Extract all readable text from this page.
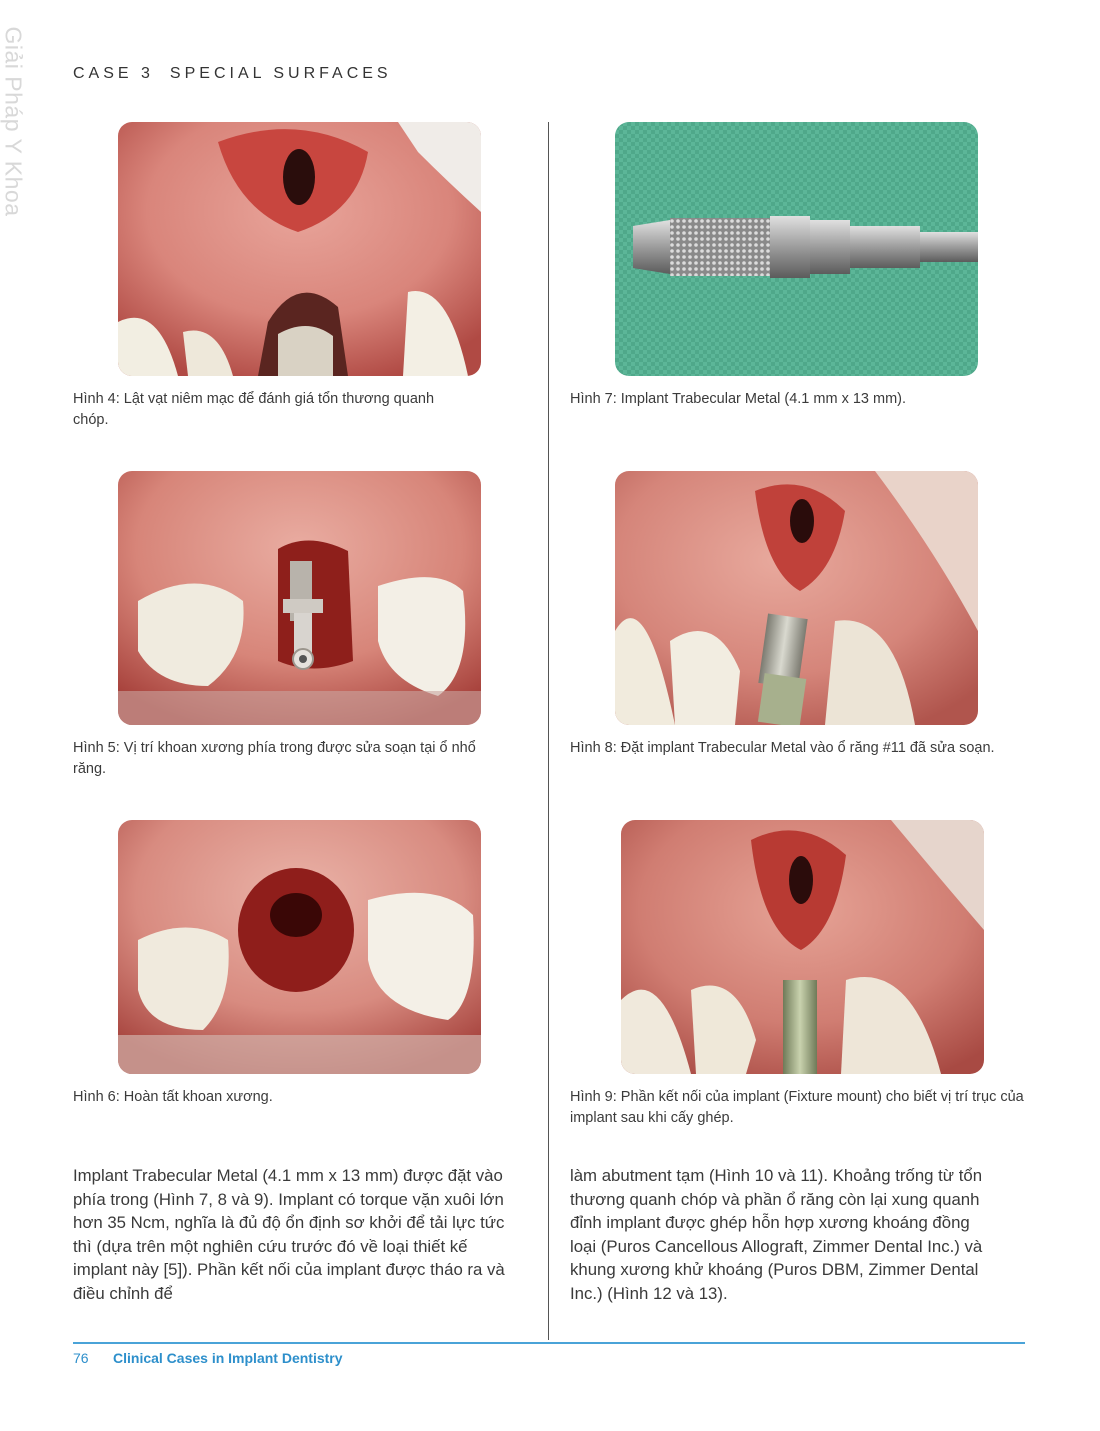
Giải Pháp Y Khoa	CASE 3 SPECIAL SURFACES
Hình 4: Lật vạt niêm mạc để đánh giá tổn thương quanh chóp.
Hình 5: Vị trí khoan xương phía trong được sửa soạn tại ổ nhổ răng.
Hình 6: Hoàn tất khoan xương.
Hình 7: Implant Trabecular Metal (4.1 mm x 13 mm).
Hình 8: Đặt implant Trabecular Metal vào ổ răng #11 đã sửa soạn.
Hình 9: Phần kết nối của implant (Fixture mount) cho biết vị trí trục của implant sau khi cấy ghép.
Implant Trabecular Metal (4.1 mm x 13 mm) được đặt vào phía trong (Hình 7, 8 và 9). Implant có torque vặn xuôi lớn hơn 35 Ncm, nghĩa là đủ độ ổn định sơ khởi để tải lực tức thì (dựa trên một nghiên cứu trước đó về loại thiết kế implant này [5]). Phần kết nối của implant được tháo ra và điều chỉnh để
làm abutment tạm (Hình 10 và 11). Khoảng trống từ tổn thương quanh chóp và phần ổ răng còn lại xung quanh đỉnh implant được ghép hỗn hợp xương khoáng đồng loại (Puros Cancellous Allograft, Zimmer Dental Inc.) và khung xương khử khoáng (Puros DBM, Zimmer Dental Inc.) (Hình 12 và 13).
76 Clinical Cases in Implant Dentistry
